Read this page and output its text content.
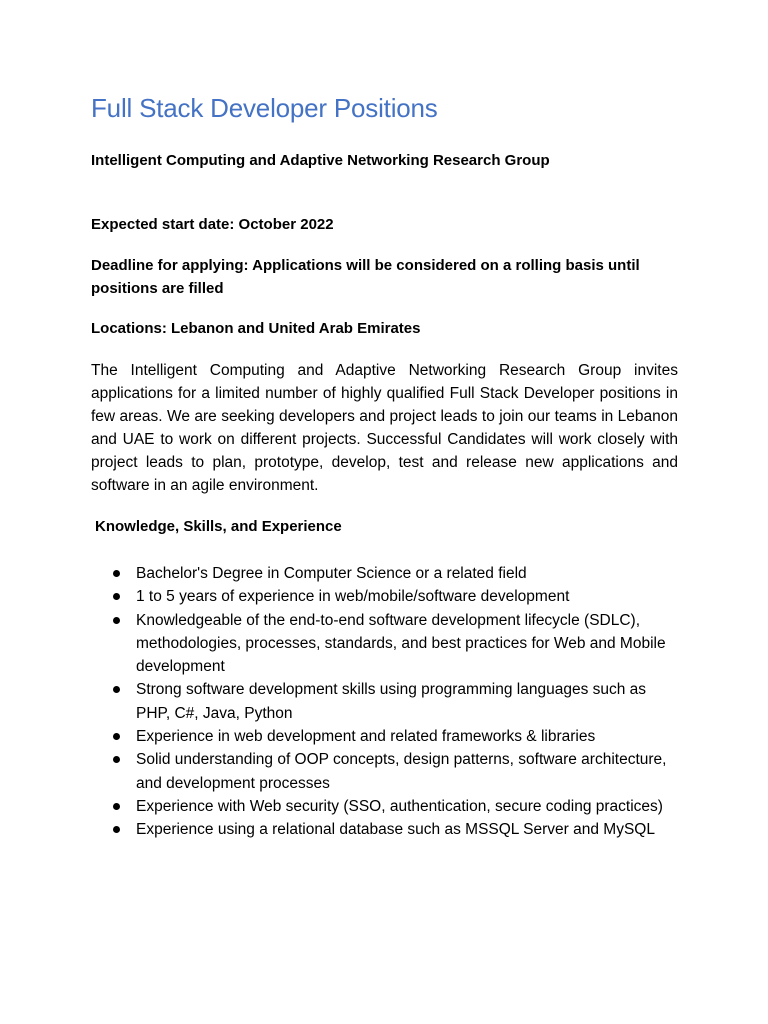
Full Stack Developer Positions

Intelligent Computing and Adaptive Networking Research Group

Expected start date: October 2022

Deadline for applying: Applications will be considered on a rolling basis until positions are filled

Locations: Lebanon and United Arab Emirates

The Intelligent Computing and Adaptive Networking Research Group invites applications for a limited number of highly qualified Full Stack Developer positions in few areas. We are seeking developers and project leads to join our teams in Lebanon and UAE to work on different projects. Successful Candidates will work closely with project leads to plan, prototype, develop, test and release new applications and software in an agile environment.

Knowledge, Skills, and Experience
Bachelor's Degree in Computer Science or a related field
1 to 5 years of experience in web/mobile/software development
Knowledgeable of the end-to-end software development lifecycle (SDLC), methodologies, processes, standards, and best practices for Web and Mobile development
Strong software development skills using programming languages such as PHP, C#, Java, Python
Experience in web development and related frameworks & libraries
Solid understanding of OOP concepts, design patterns, software architecture, and development processes
Experience with Web security (SSO, authentication, secure coding practices)
Experience using a relational database such as MSSQL Server and MySQL
